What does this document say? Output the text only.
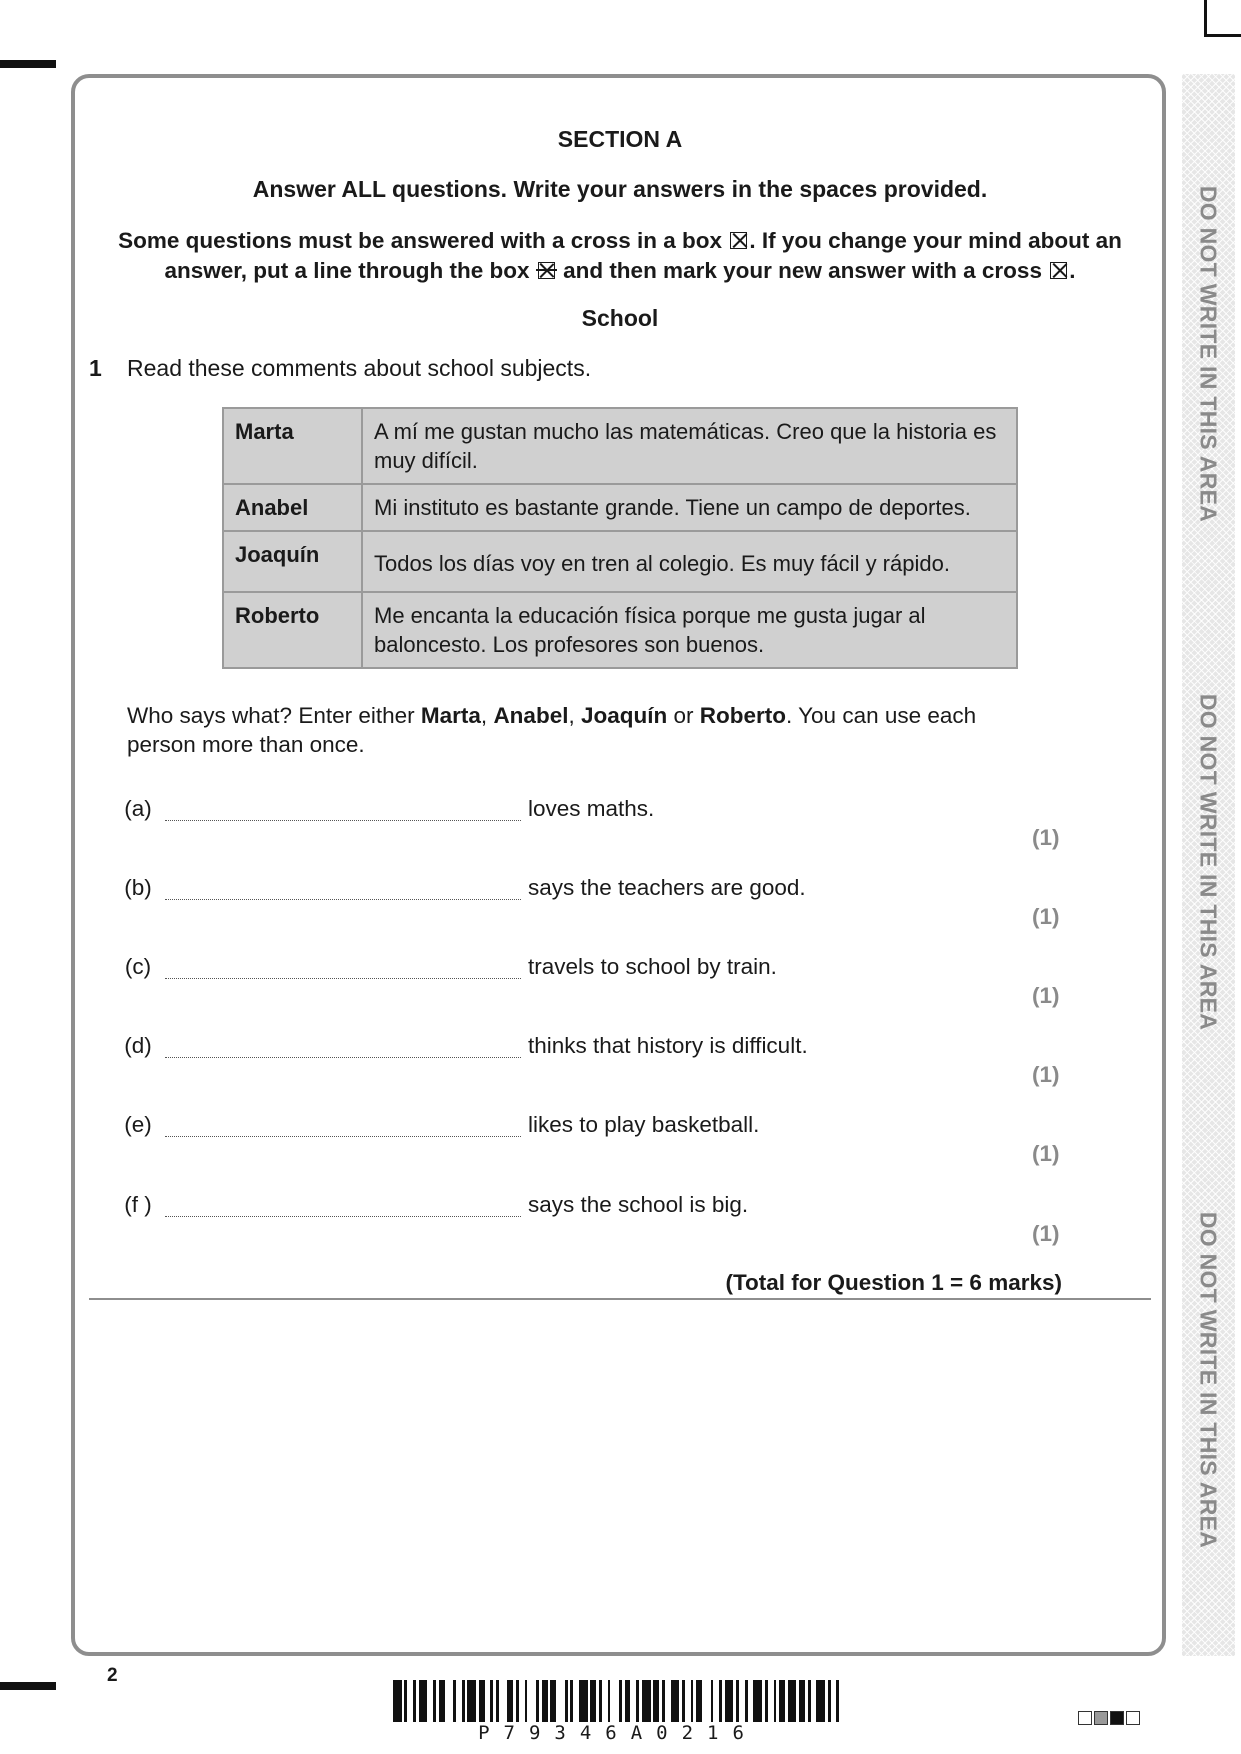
DO NOT WRITE IN THIS AREA
DO NOT WRITE IN THIS AREA
DO NOT WRITE IN THIS AREA
SECTION A
Answer ALL questions. Write your answers in the spaces provided.
Some questions must be answered with a cross in a box ☒ . If you change your mind about an answer, put a line through the box and then mark your new answer with a cross ☒ .
School
1 Read these comments about school subjects.
Marta	A mí me gustan mucho las matemáticas. Creo que la historia es muy difícil.
Anabel	Mi instituto es bastante grande. Tiene un campo de deportes.
Joaquín	Todos los días voy en tren al colegio. Es muy fácil y rápido.
Roberto	Me encanta la educación física porque me gusta jugar al baloncesto. Los profesores son buenos.
Who says what? Enter either Marta, Anabel, Joaquín or Roberto. You can use each person more than once.
(a)	loves maths.
(1)
(b)	says the teachers are good.
(1)
(c)	travels to school by train.
(1)
(d)	thinks that history is difficult.
(1)
(e)	likes to play basketball.
(1)
(f )	says the school is big.
(1)
(Total for Question 1 = 6 marks)
2
P79346A0216
